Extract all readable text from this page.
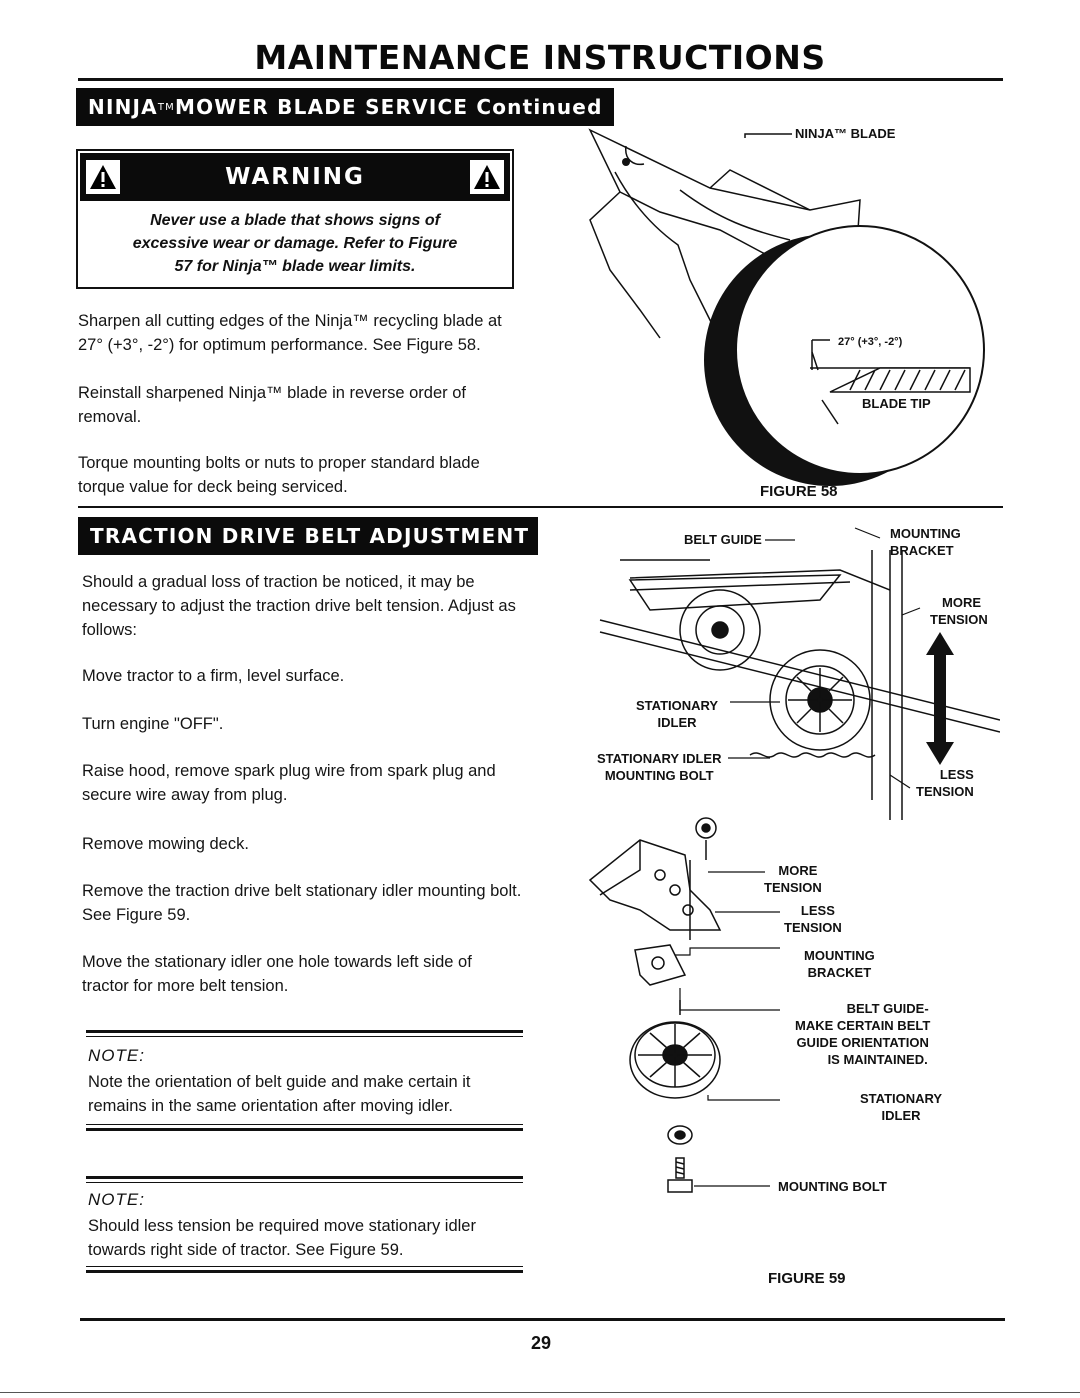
MAINTENANCE INSTRUCTIONS
NINJA TM MOWER BLADE SERVICE Continued
WARNING
Never use a blade that shows signs of
excessive wear or damage. Refer to Figure
57 for Ninja™ blade wear limits.
Sharpen all cutting edges of the Ninja™ recycling blade at 27° (+3°, -2°) for optimum performance. See Figure 58.
Reinstall sharpened Ninja™ blade in reverse order of removal.
Torque mounting bolts or nuts to proper standard blade torque value for deck being serviced.
NINJA™ BLADE
27° (+3°, -2°)
BLADE TIP
FIGURE 58
TRACTION DRIVE BELT ADJUSTMENT
Should a gradual loss of traction be noticed, it may be necessary to adjust the traction drive belt tension. Adjust as follows:
Move tractor to a firm, level surface.
Turn engine "OFF".
Raise hood, remove spark plug wire from spark plug and secure wire away from plug.
Remove mowing deck.
Remove the traction drive belt stationary idler mounting bolt. See Figure 59.
Move the stationary idler one hole towards left side of tractor for more belt tension.
NOTE:
Note the orientation of belt guide and make certain it remains in the same orientation after moving idler.
NOTE:
Should less tension be required move stationary idler towards right side of tractor. See Figure 59.
BELT GUIDE	MOUNTING
BRACKET
MORE
TENSION
STATIONARY
IDLER
STATIONARY IDLER
MOUNTING BOLT	LESS
TENSION
MORE
TENSION
LESS
TENSION
MOUNTING
BRACKET
BELT GUIDE-
MAKE CERTAIN BELT
GUIDE ORIENTATION
IS MAINTAINED.
STATIONARY
IDLER
MOUNTING BOLT
FIGURE 59
29
